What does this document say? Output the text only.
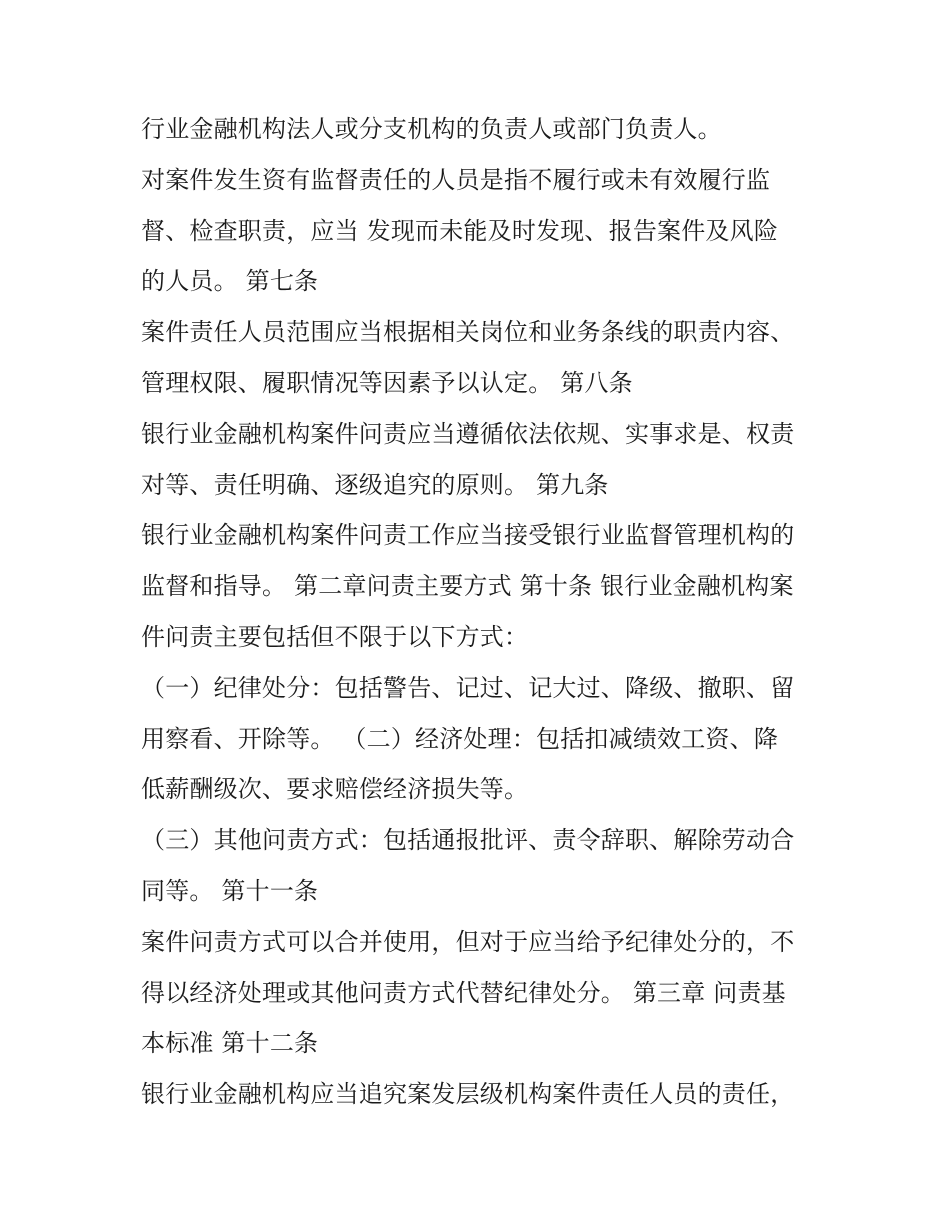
行业金融机构法人或分支机构的负责人或部门负责人。
对案件发生资有监督责任的人员是指不履行或未有效履行监
督、检查职责，应当 发现而未能及时发现、报告案件及风险
的人员。 第七条
案件责任人员范围应当根据相关岗位和业务条线的职责内容、
管理权限、履职情况等因素予以认定。 第八条
银行业金融机构案件问责应当遵循依法依规、实事求是、权责
对等、责任明确、逐级追究的原则。 第九条
银行业金融机构案件问责工作应当接受银行业监督管理机构的
监督和指导。 第二章问责主要方式 第十条 银行业金融机构案
件问责主要包括但不限于以下方式：
（一）纪律处分：包括警告、记过、记大过、降级、撤职、留
用察看、开除等。 （二）经济处理：包括扣减绩效工资、降
低薪酬级次、要求赔偿经济损失等。
（三）其他问责方式：包括通报批评、责令辞职、解除劳动合
同等。 第十一条
案件问责方式可以合并使用，但对于应当给予纪律处分的，不
得以经济处理或其他问责方式代替纪律处分。 第三章 问责基
本标准 第十二条
银行业金融机构应当追究案发层级机构案件责任人员的责任，
